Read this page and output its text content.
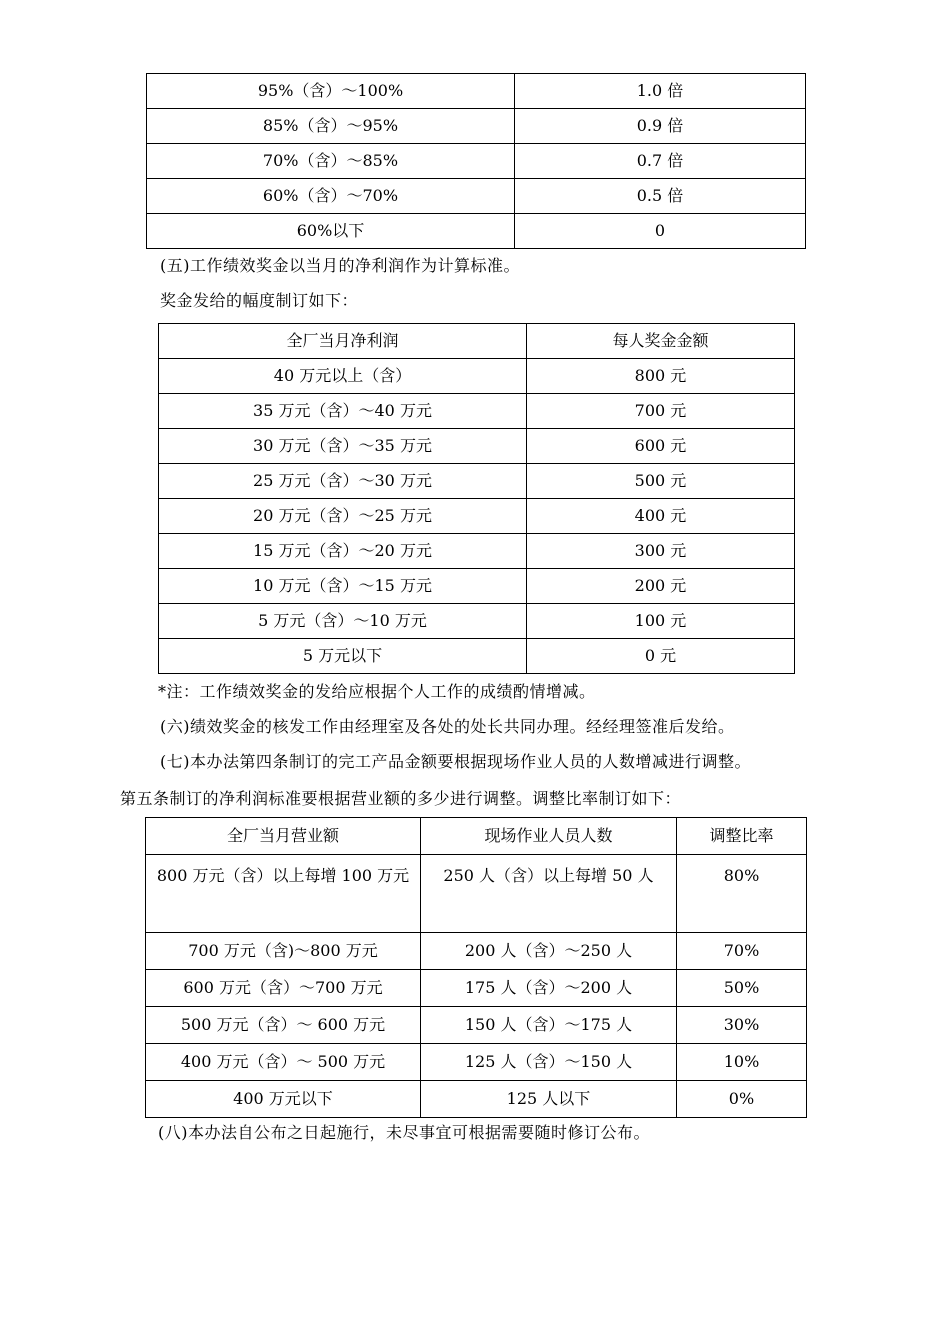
95%（含）～100%	1.0 倍
85%（含）～95%	0.9 倍
70%（含）～85%	0.7 倍
60%（含）～70%	0.5 倍
60%以下	0
(五)工作绩效奖金以当月的净利润作为计算标准。
奖金发给的幅度制订如下：
全厂当月净利润	每人奖金金额
40 万元以上（含）	800 元
35 万元（含）～40 万元	700 元
30 万元（含）～35 万元	600 元
25 万元（含）～30 万元	500 元
20 万元（含）～25 万元	400 元
15 万元（含）～20 万元	300 元
10 万元（含）～15 万元	200 元
5 万元（含）～10 万元	100 元
5 万元以下	0 元
*注：工作绩效奖金的发给应根据个人工作的成绩酌情增减。
(六)绩效奖金的核发工作由经理室及各处的处长共同办理。经经理签准后发给。
(七)本办法第四条制订的完工产品金额要根据现场作业人员的人数增减进行调整。
第五条制订的净利润标准要根据营业额的多少进行调整。调整比率制订如下：
全厂当月营业额	现场作业人员人数	调整比率
800 万元（含）以上每增 100 万元	250 人（含）以上每增 50 人	80%
700 万元（含)～800 万元	200 人（含）～250 人	70%
600 万元（含）～700 万元	175 人（含）～200 人	50%
500 万元（含）～ 600 万元	150 人（含）～175 人	30%
400 万元（含）～ 500 万元	125 人（含）～150 人	10%
400 万元以下	125 人以下	0%
(八)本办法自公布之日起施行，未尽事宜可根据需要随时修订公布。
